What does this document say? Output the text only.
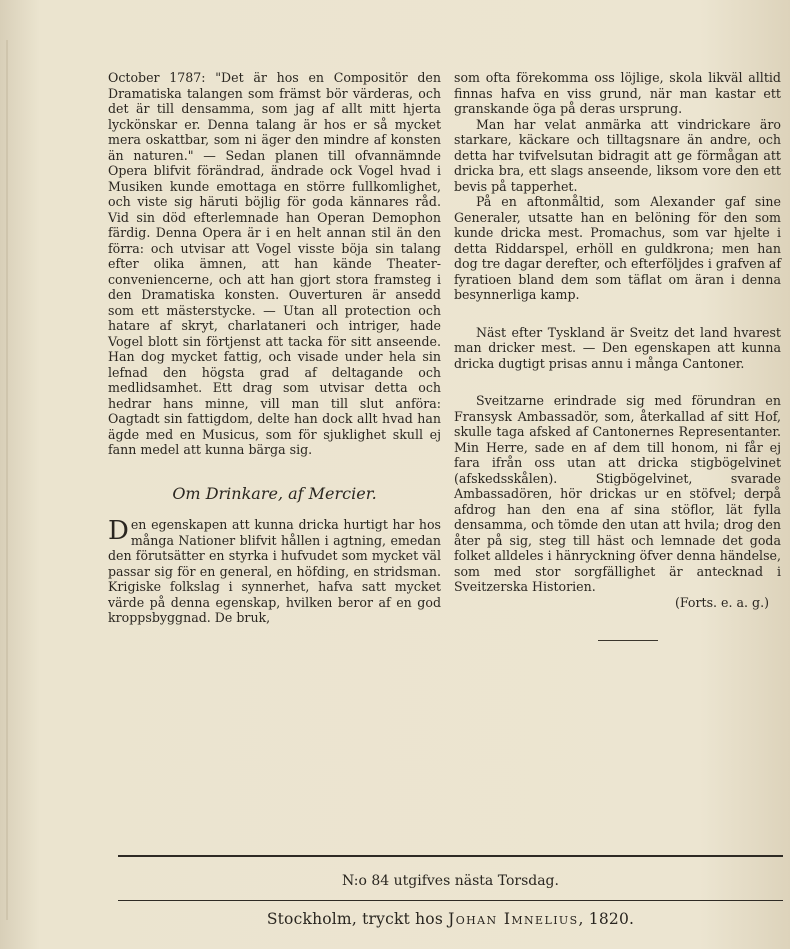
October 1787: "Det är hos en Compositör den Dramatiska talangen som främst bör värderas, och det är till densamma, som jag af allt mitt hjerta lyckönskar er. Denna talang är hos er så mycket mera oskattbar, som ni äger den mindre af konsten än naturen." — Sedan planen till ofvannämnde Opera blifvit förändrad, ändrade ock Vogel hvad i Musiken kunde emottaga en större fullkomlighet, och viste sig häruti böjlig för goda kännares råd. Vid sin död efterlemnade han Operan Demophon färdig. Denna Opera är i en helt annan stil än den förra: och utvisar att Vogel visste böja sin talang efter olika ämnen, att han kände Theater-conveniencerne, och att han gjort stora framsteg i den Dramatiska konsten. Ouverturen är ansedd som ett mästerstycke. — Utan all protection och hatare af skryt, charlataneri och intriger, hade Vogel blott sin förtjenst att tacka för sitt anseende. Han dog mycket fattig, och visade under hela sin lefnad den högsta grad af deltagande och medlidsamhet. Ett drag som utvisar detta och hedrar hans minne, vill man till slut anföra: Oagtadt sin fattigdom, delte han dock allt hvad han ägde med en Musicus, som för sjuklighet skull ej fann medel att kunna bärga sig.

Om Drinkare, af Mercier.

Den egenskapen att kunna dricka hurtigt har hos många Nationer blifvit hållen i agtning, emedan den förutsätter en styrka i hufvudet som mycket väl passar sig för en general, en höfding, en stridsman. Krigiske folkslag i synnerhet, hafva satt mycket värde på denna egenskap, hvilken beror af en god kroppsbyggnad. De bruk,

som ofta förekomma oss löjlige, skola likväl alltid finnas hafva en viss grund, när man kastar ett granskande öga på deras ursprung.

Man har velat anmärka att vindrickare äro starkare, käckare och tilltagsnare än andre, och detta har tvifvelsutan bidragit att ge förmågan att dricka bra, ett slags anseende, liksom vore den ett bevis på tapperhet.

På en aftonmåltid, som Alexander gaf sine Generaler, utsatte han en belöning för den som kunde dricka mest. Promachus, som var hjelte i detta Riddarspel, erhöll en guldkrona; men han dog tre dagar derefter, och efterföljdes i grafven af fyratioen bland dem som täflat om äran i denna besynnerliga kamp.

Näst efter Tyskland är Sveitz det land hvarest man dricker mest. — Den egenskapen att kunna dricka dugtigt prisas annu i många Cantoner.

Sveitzarne erindrade sig med förundran en Fransysk Ambassadör, som, återkallad af sitt Hof, skulle taga afsked af Cantonernes Representanter. Min Herre, sade en af dem till honom, ni får ej fara ifrån oss utan att dricka stigbögelvinet (afskedsskålen). Stigbögelvinet, svarade Ambassadören, hör drickas ur en stöfvel; derpå afdrog han den ena af sina stöflor, lät fylla densamma, och tömde den utan att hvila; drog den åter på sig, steg till häst och lemnade det goda folket alldeles i hänryckning öfver denna händelse, som med stor sorgfällighet är antecknad i Sveitzerska Historien.

(Forts. e. a. g.)

N:o 84 utgifves nästa Torsdag.
Stockholm, tryckt hos Johan Imnelius, 1820.
